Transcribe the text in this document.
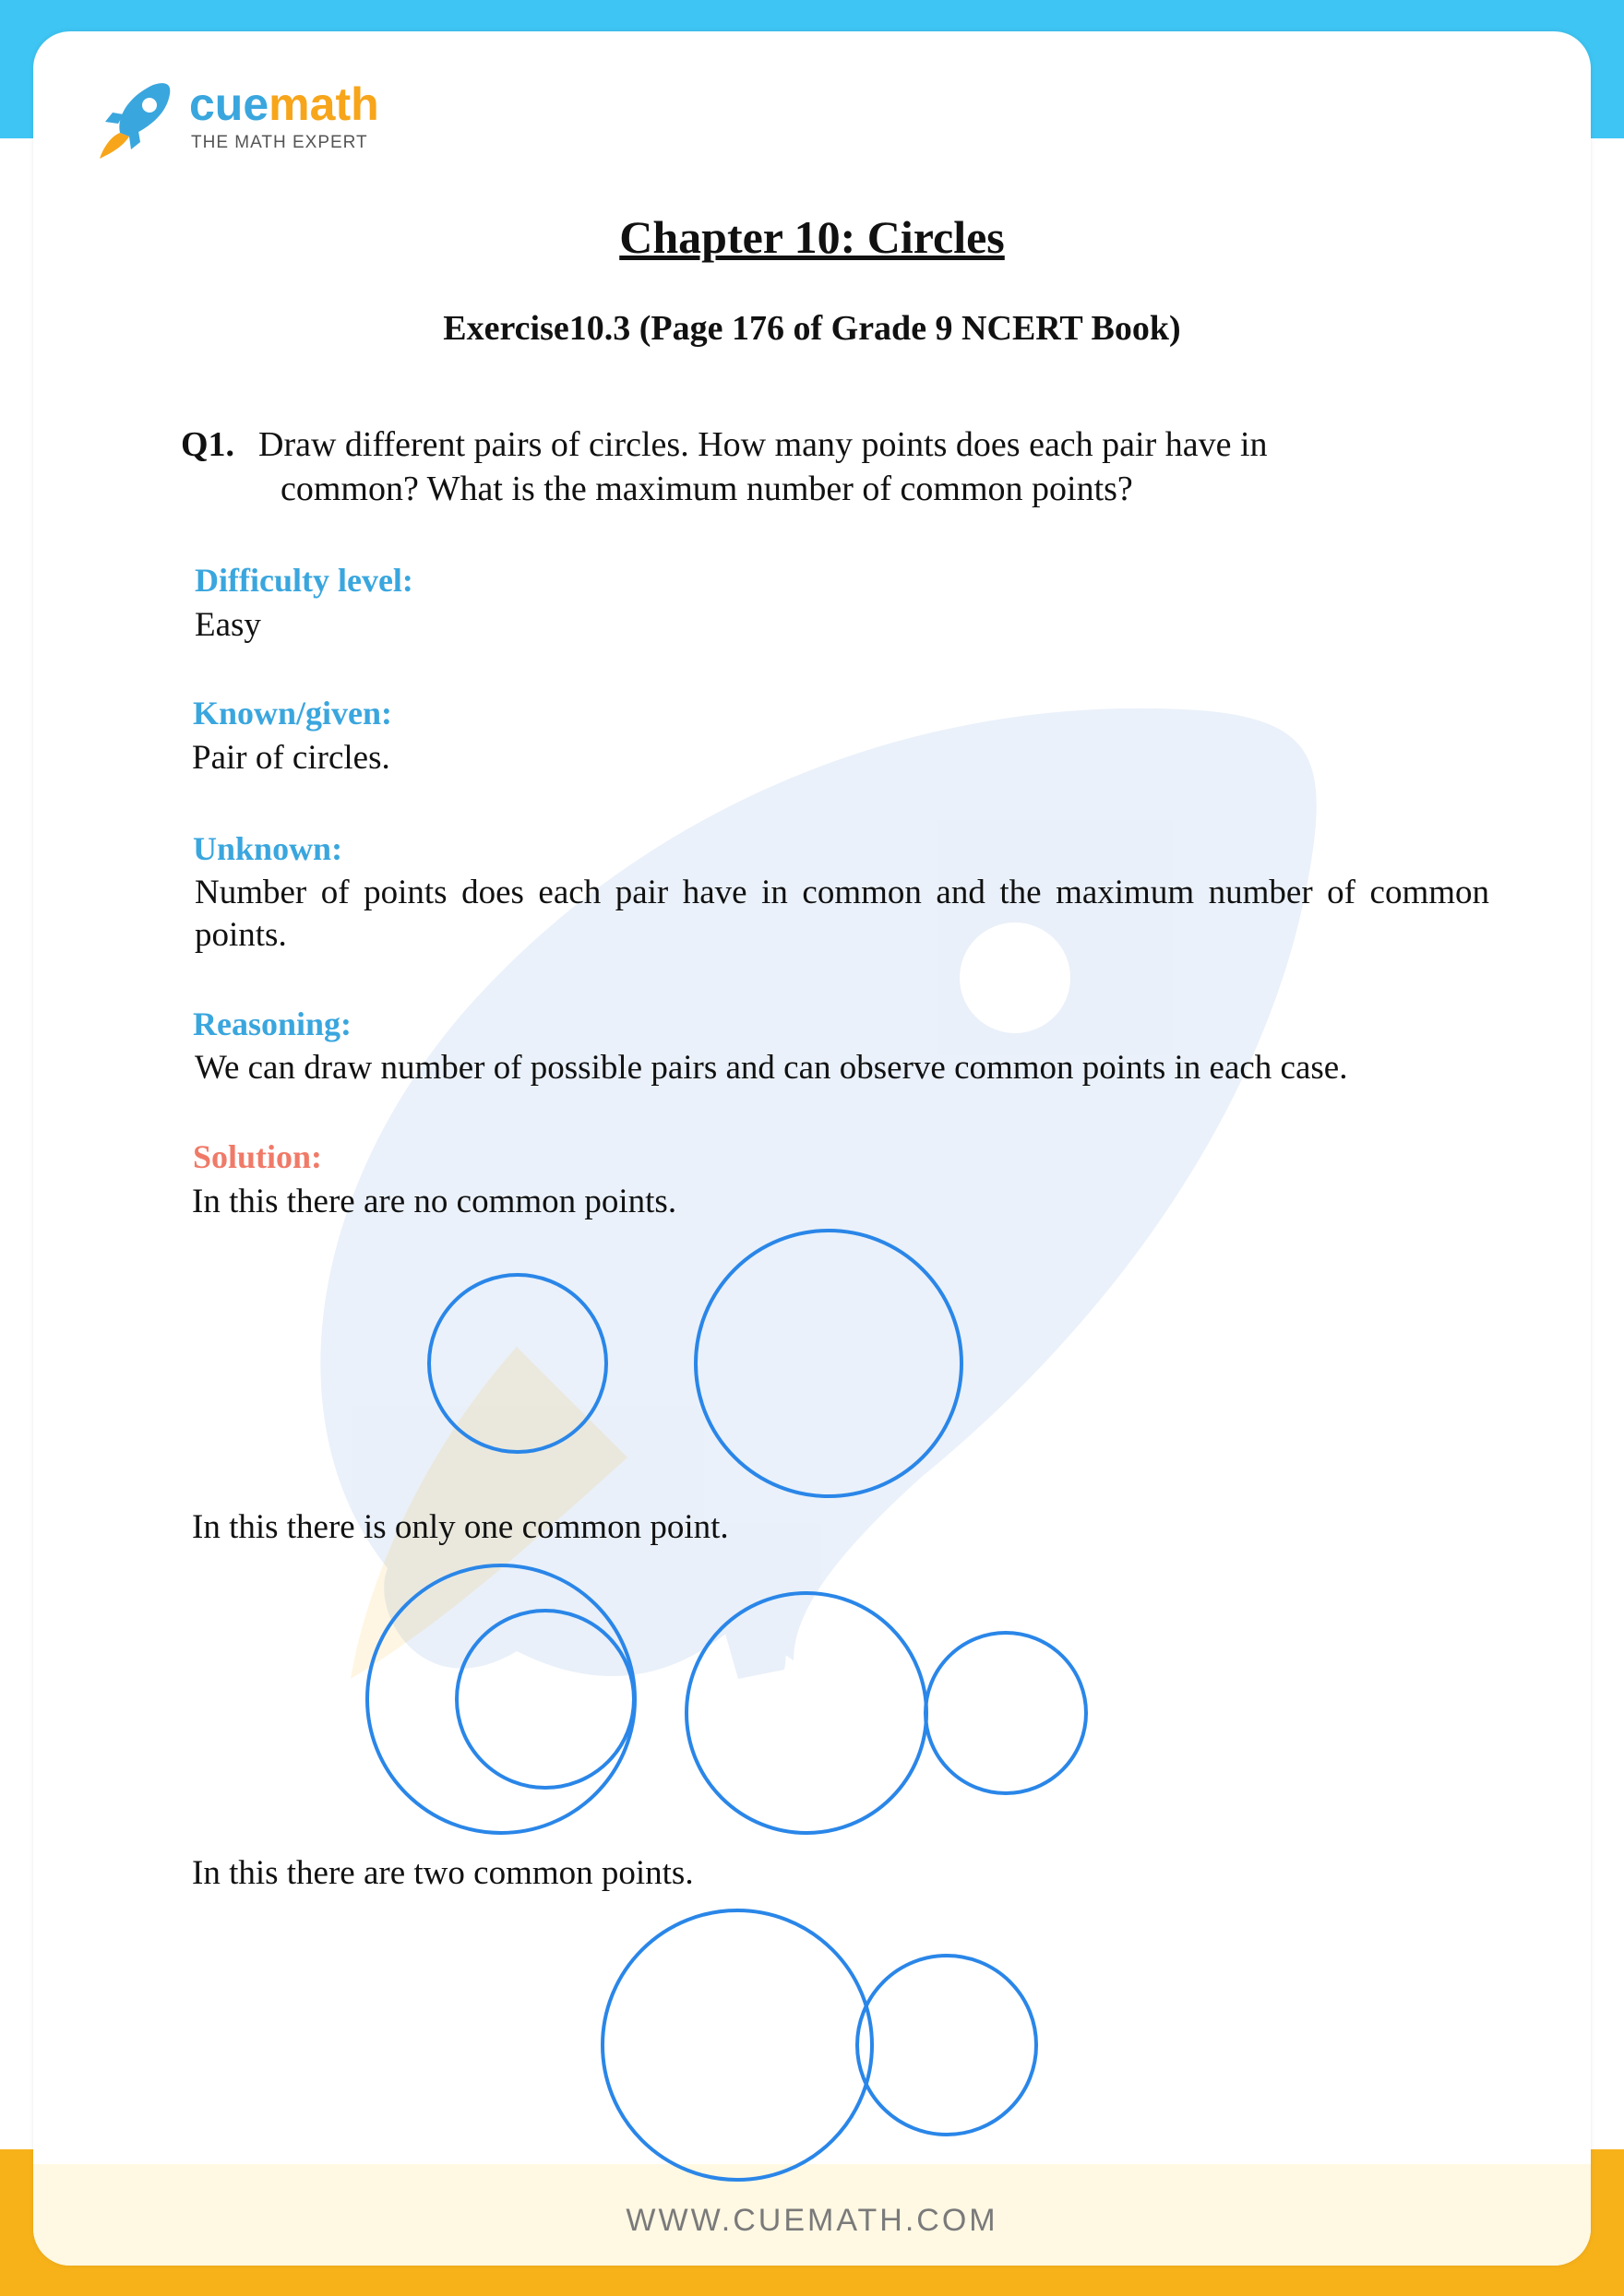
cuemath
THE MATH EXPERT
Chapter 10: Circles
Exercise10.3 (Page 176 of Grade 9 NCERT Book)
Q1. Draw different pairs of circles. How many points does each pair have in
common? What is the maximum number of common points?
Difficulty level:
Easy
Known/given:
Pair of circles.
Unknown:
Number of points does each pair have in common and the maximum number of common
points.
Reasoning:
We can draw number of possible pairs and can observe common points in each case.
Solution:
In this there are no common points.
In this there is only one common point.
In this there are two common points.
WWW.CUEMATH.COM
